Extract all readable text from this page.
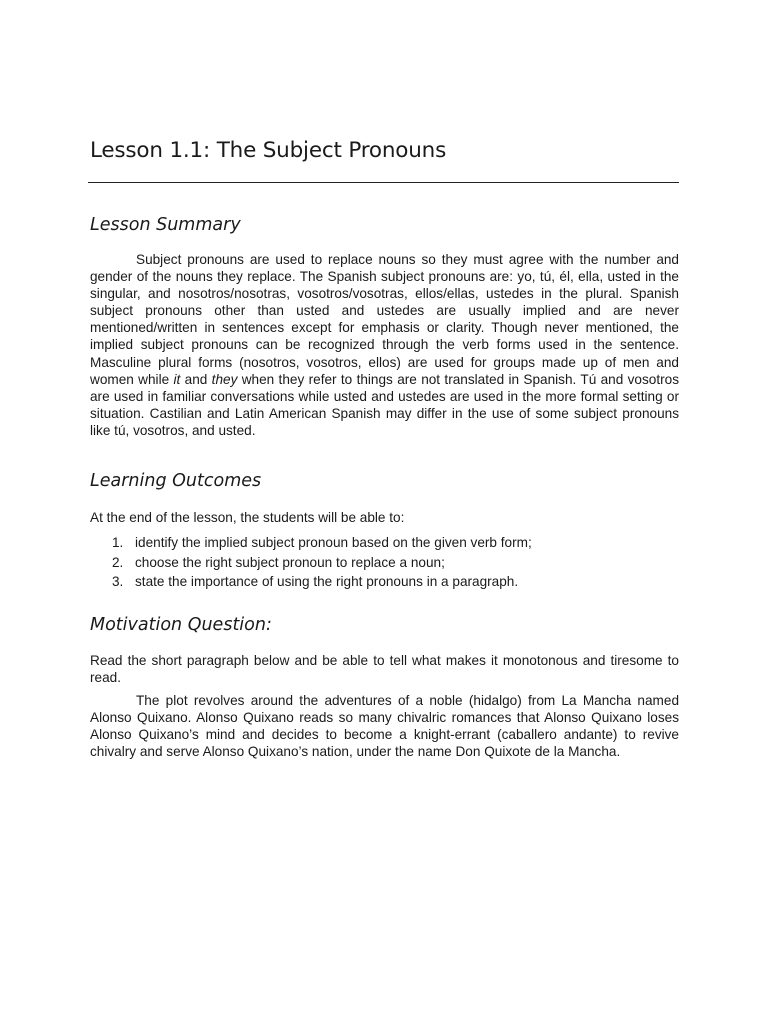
Lesson 1.1: The Subject Pronouns
Lesson Summary

Subject pronouns are used to replace nouns so they must agree with the number and gender of the nouns they replace. The Spanish subject pronouns are: yo, tú, él, ella, usted in the singular, and nosotros/nosotras, vosotros/vosotras, ellos/ellas, ustedes in the plural. Spanish subject pronouns other than usted and ustedes are usually implied and are never mentioned/written in sentences except for emphasis or clarity. Though never mentioned, the implied subject pronouns can be recognized through the verb forms used in the sentence. Masculine plural forms (nosotros, vosotros, ellos) are used for groups made up of men and women while it and they when they refer to things are not translated in Spanish. Tú and vosotros are used in familiar conversations while usted and ustedes are used in the more formal setting or situation. Castilian and Latin American Spanish may differ in the use of some subject pronouns like tú, vosotros, and usted.

Learning Outcomes

At the end of the lesson, the students will be able to:

1. identify the implied subject pronoun based on the given verb form;
2. choose the right subject pronoun to replace a noun;
3. state the importance of using the right pronouns in a paragraph.
Motivation Question:

Read the short paragraph below and be able to tell what makes it monotonous and tiresome to read.

The plot revolves around the adventures of a noble (hidalgo) from La Mancha named Alonso Quixano. Alonso Quixano reads so many chivalric romances that Alonso Quixano loses Alonso Quixano’s mind and decides to become a knight-errant (caballero andante) to revive chivalry and serve Alonso Quixano’s nation, under the name Don Quixote de la Mancha.
